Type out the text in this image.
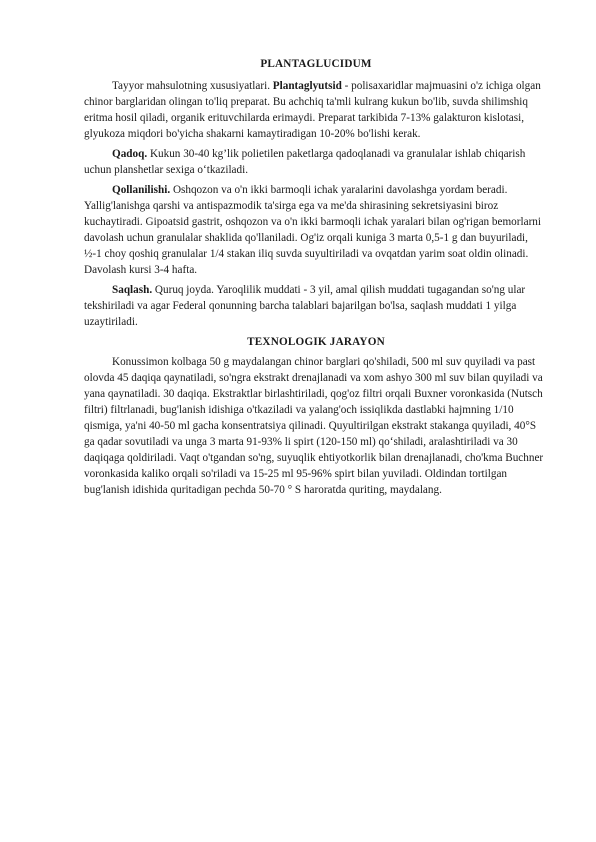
PLANTAGLUCIDUM

Tayyor mahsulotning xususiyatlari. Plantaglyutsid - polisaxaridlar majmuasini o'z ichiga olgan chinor barglaridan olingan to'liq preparat. Bu achchiq ta'mli kulrang kukun bo'lib, suvda shilimshiq eritma hosil qiladi, organik erituvchilarda erimaydi. Preparat tarkibida 7-13% galakturon kislotasi, glyukoza miqdori bo'yicha shakarni kamaytiradigan 10-20% bo'lishi kerak.

Qadoq. Kukun 30-40 kg’lik polietilen paketlarga qadoqlanadi va granulalar ishlab chiqarish uchun planshetlar sexiga o‘tkaziladi.

Qollanilishi. Oshqozon va o'n ikki barmoqli ichak yaralarini davolashga yordam beradi. Yallig'lanishga qarshi va antispazmodik ta'sirga ega va me'da shirasining sekretsiyasini biroz kuchaytiradi. Gipoatsid gastrit, oshqozon va o'n ikki barmoqli ichak yaralari bilan og'rigan bemorlarni davolash uchun granulalar shaklida qo'llaniladi. Og'iz orqali kuniga 3 marta 0,5-1 g dan buyuriladi, ½-1 choy qoshiq granulalar 1/4 stakan iliq suvda suyultiriladi va ovqatdan yarim soat oldin olinadi. Davolash kursi 3-4 hafta.

Saqlash. Quruq joyda. Yaroqlilik muddati - 3 yil, amal qilish muddati tugagandan so'ng ular tekshiriladi va agar Federal qonunning barcha talablari bajarilgan bo'lsa, saqlash muddati 1 yilga uzaytiriladi.

TEXNOLOGIK JARAYON

Konussimon kolbaga 50 g maydalangan chinor barglari qo'shiladi, 500 ml suv quyiladi va past olovda 45 daqiqa qaynatiladi, so'ngra ekstrakt drenajlanadi va xom ashyo 300 ml suv bilan quyiladi va yana qaynatiladi. 30 daqiqa. Ekstraktlar birlashtiriladi, qog'oz filtri orqali Buxner voronkasida (Nutsch filtri) filtrlanadi, bug'lanish idishiga o'tkaziladi va yalang'och issiqlikda dastlabki hajmning 1/10 qismiga, ya'ni 40-50 ml gacha konsentratsiya qilinadi. Quyultirilgan ekstrakt stakanga quyiladi, 40°S ga qadar sovutiladi va unga 3 marta 91-93% li spirt (120-150 ml) qo‘shiladi, aralashtiriladi va 30 daqiqaga qoldiriladi. Vaqt o'tgandan so'ng, suyuqlik ehtiyotkorlik bilan drenajlanadi, cho'kma Buchner voronkasida kaliko orqali so'riladi va 15-25 ml 95-96% spirt bilan yuviladi. Oldindan tortilgan bug'lanish idishida quritadigan pechda 50-70 ° S haroratda quriting, maydalang.
